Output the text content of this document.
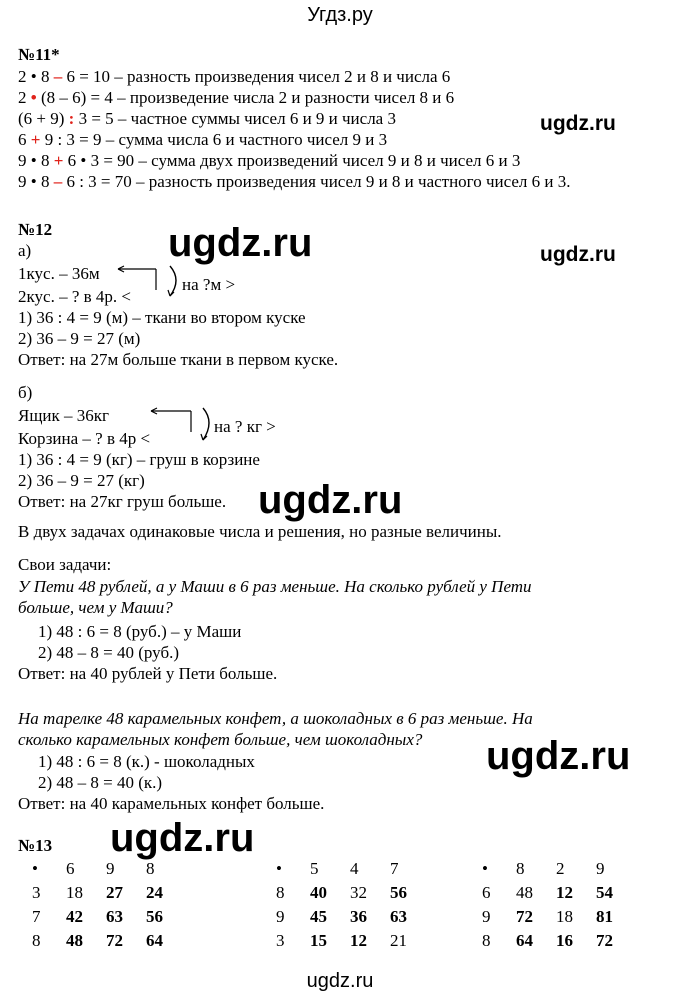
Угдз.ру
№11*
2 • 8 – 6 = 10 – разность произведения чисел 2 и 8 и числа 6
2 • (8 – 6) = 4 – произведение числа 2 и разности чисел 8 и 6
(6 + 9) : 3 = 5 – частное суммы чисел 6 и 9 и числа 3
6 + 9 : 3 = 9 – сумма числа 6 и частного чисел 9 и 3
9 • 8 + 6 • 3 = 90 – сумма двух произведений чисел 9 и 8 и чисел 6 и 3
9 • 8 – 6 : 3 = 70 – разность произведения чисел 9 и 8 и частного чисел 6 и 3.
ugdz.ru
№12	ugdz.ru	ugdz.ru
а)
1кус. – 36м
2кус. – ? в 4р. <
на ?м >
1) 36 : 4 = 9 (м) – ткани во втором куске
2) 36 – 9 = 27 (м)
Ответ: на 27м больше ткани в первом куске.
б)
Ящик – 36кг
Корзина – ? в 4р <
на ? кг >
1) 36 : 4 = 9 (кг) – груш в корзине
2) 36 – 9 = 27 (кг)
Ответ: на 27кг груш больше. ugdz.ru
В двух задачах одинаковые числа и решения, но разные величины.
Свои задачи:
У Пети 48 рублей, а у Маши в 6 раз меньше. На сколько рублей у Пети
больше, чем у Маши?
1) 48 : 6 = 8 (руб.) – у Маши
2) 48 – 8 = 40 (руб.)
Ответ: на 40 рублей у Пети больше.
На тарелке 48 карамельных конфет, а шоколадных в 6 раз меньше. На
сколько карамельных конфет больше, чем шоколадных? ugdz.ru
1) 48 : 6 = 8 (к.) - шоколадных
2) 48 – 8 = 40 (к.)
Ответ: на 40 карамельных конфет больше.
№13 ugdz.ru
•	6	9	8
3	18	27	24
7	42	63	56
8	48	72	64
•	5	4	7
8	40	32	56
9	45	36	63
3	15	12	21
•	8	2	9
6	48	12	54
9	72	18	81
8	64	16	72
ugdz.ru
